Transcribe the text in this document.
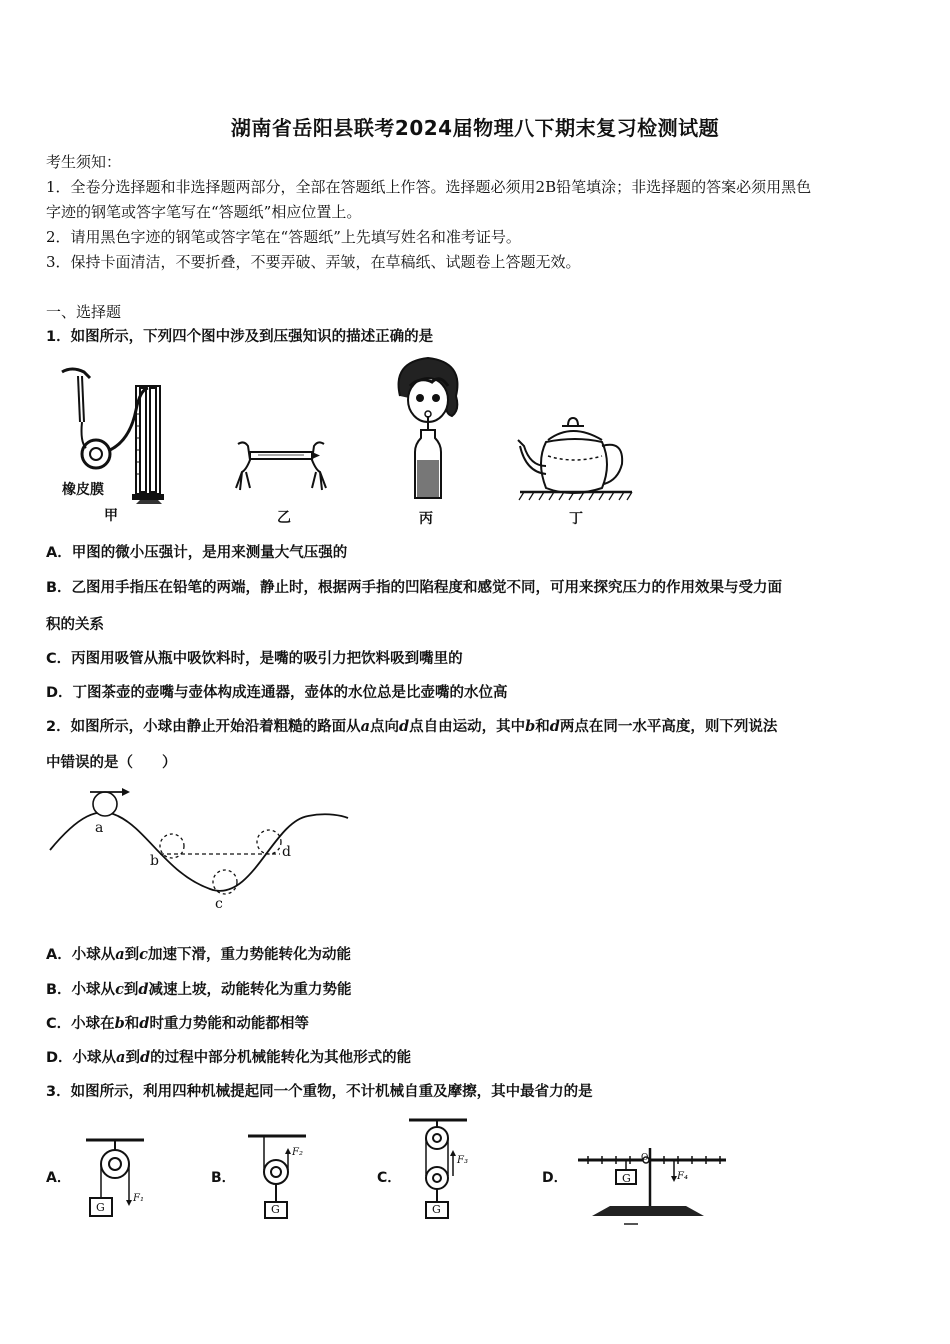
湖南省岳阳县联考2024届物理八下期末复习检测试题
考生须知：
1．全卷分选择题和非选择题两部分，全部在答题纸上作答。选择题必须用2B铅笔填涂；非选择题的答案必须用黑色
字迹的钢笔或答字笔写在“答题纸”相应位置上。
2．请用黑色字迹的钢笔或答字笔在“答题纸”上先填写姓名和准考证号。
3．保持卡面清洁，不要折叠，不要弄破、弄皱，在草稿纸、试题卷上答题无效。
一、选择题
1．如图所示，下列四个图中涉及到压强知识的描述正确的是
橡皮膜
甲	乙	丙	丁
A．甲图的微小压强计，是用来测量大气压强的
B．乙图用手指压在铅笔的两端，静止时，根据两手指的凹陷程度和感觉不同，可用来探究压力的作用效果与受力面
积的关系
C．丙图用吸管从瓶中吸饮料时，是嘴的吸引力把饮料吸到嘴里的
D．丁图茶壶的壶嘴与壶体构成连通器，壶体的水位总是比壶嘴的水位高
2．如图所示，小球由静止开始沿着粗糙的路面从a点向d点自由运动，其中b和d两点在同一水平高度，则下列说法
中错误的是（　　）
a
b
c
d
A．小球从a到c加速下滑，重力势能转化为动能
B．小球从c到d减速上坡，动能转化为重力势能
C．小球在b和d时重力势能和动能都相等
D．小球从a到d的过程中部分机械能转化为其他形式的能
3．如图所示，利用四种机械提起同一个重物，不计机械自重及摩擦，其中最省力的是
A．	B．	C．	D．
G
F₁
G
F₂
G
F₃
G
O
F₄
